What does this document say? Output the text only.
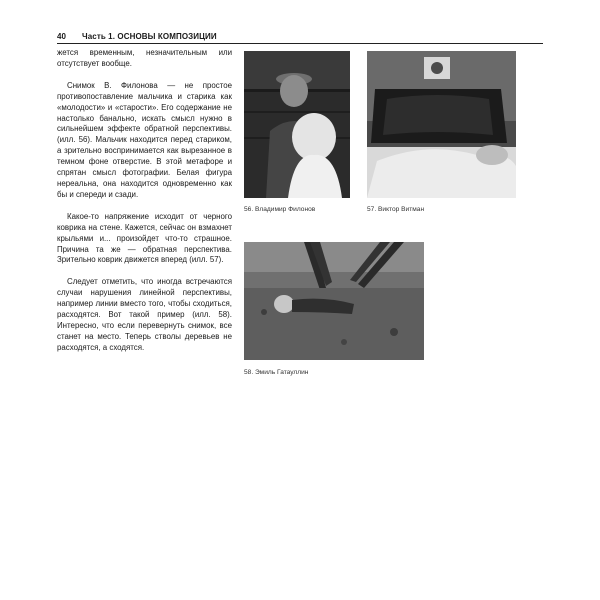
40 Часть 1. ОСНОВЫ КОМПОЗИЦИИ

жется временным, незначительным или отсутствует вообще.

Снимок В. Филонова — не простое противопоставление мальчика и старика как «молодости» и «старости». Его содержание не настолько банально, искать смысл нужно в сильнейшем эффекте обратной перспективы. (илл. 56). Мальчик находится перед стариком, а зрительно воспринимается как вырезанное в темном фоне отверстие. В этой метафоре и спрятан смысл фотографии. Белая фигура нереальна, она находится одновременно как бы и спереди и сзади.

Какое-то напряжение исходит от черного коврика на стене. Кажется, сейчас он взмахнет крыльями и... произойдет что-то страшное. Причина та же — обратная перспектива. Зрительно коврик движется вперед (илл. 57).

Следует отметить, что иногда встречаются случаи нарушения линейной перспективы, например линии вместо того, чтобы сходиться, расходятся. Вот такой пример (илл. 58). Интересно, что если перевернуть снимок, все станет на место. Теперь стволы деревьев не расходятся, а сходятся.

56. Владимир Филонов	57. Виктор Витман
58. Эмиль Гатауллин
